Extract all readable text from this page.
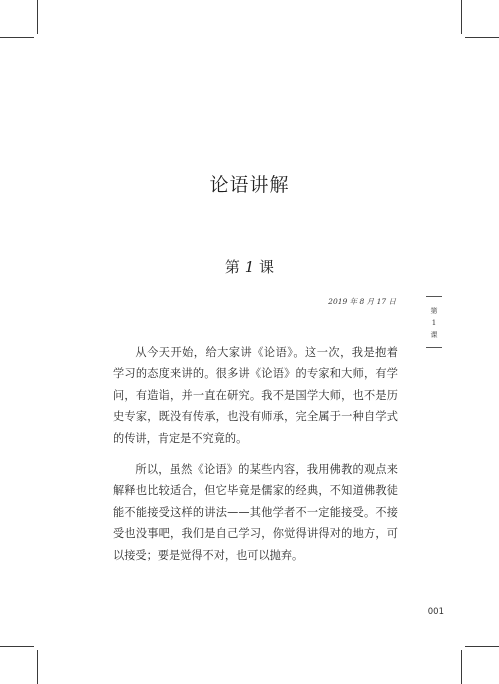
论语讲解
第 1 课
2019 年 8 月 17 日
第
1
课

从今天开始，给大家讲《论语》。这一次，我是抱着学习的态度来讲的。很多讲《论语》的专家和大师，有学问，有造诣，并一直在研究。我不是国学大师，也不是历史专家，既没有传承，也没有师承，完全属于一种自学式的传讲，肯定是不究竟的。

所以，虽然《论语》的某些内容，我用佛教的观点来解释也比较适合，但它毕竟是儒家的经典，不知道佛教徒能不能接受这样的讲法——其他学者不一定能接受。不接受也没事吧，我们是自己学习，你觉得讲得对的地方，可以接受；要是觉得不对，也可以抛弃。

001
